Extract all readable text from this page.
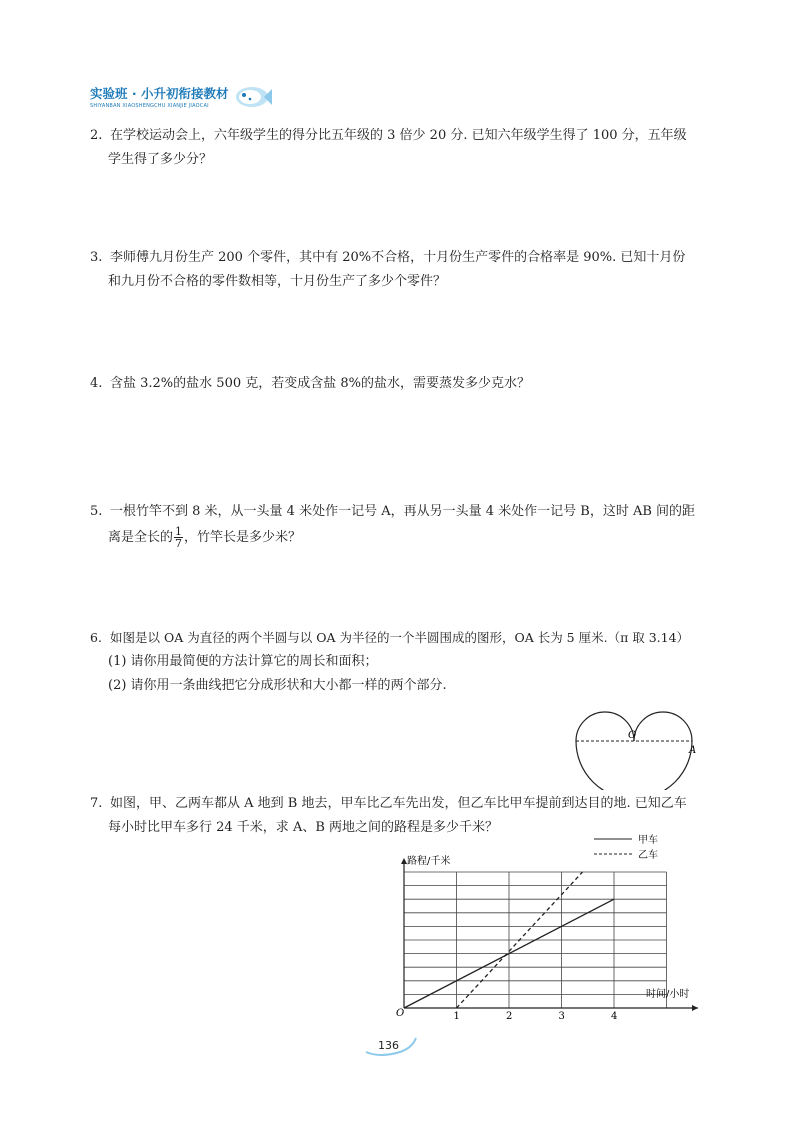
实验班 · 小升初衔接教材
SHIYANBAN XIAOSHENGCHU XIANJIE JIAOCAI
2. 在学校运动会上，六年级学生的得分比五年级的 3 倍少 20 分. 已知六年级学生得了 100 分，五年级
学生得了多少分？
3. 李师傅九月份生产 200 个零件，其中有 20%不合格，十月份生产零件的合格率是 90%. 已知十月份
和九月份不合格的零件数相等，十月份生产了多少个零件？
4. 含盐 3.2%的盐水 500 克，若变成含盐 8%的盐水，需要蒸发多少克水？
5. 一根竹竿不到 8 米，从一头量 4 米处作一记号 A，再从另一头量 4 米处作一记号 B，这时 AB 间的距
离是全长的 $\frac{1}{7}$ ，竹竿长是多少米？
6. 如图是以 OA 为直径的两个半圆与以 OA 为半径的一个半圆围成的图形，OA 长为 5 厘米.（π 取 3.14）
(1) 请你用最简便的方法计算它的周长和面积；
(2) 请你用一条曲线把它分成形状和大小都一样的两个部分.
O
A
7. 如图，甲、乙两车都从 A 地到 B 地去，甲车比乙车先出发，但乙车比甲车提前到达目的地. 已知乙车
每小时比甲车多行 24 千米，求 A、B 两地之间的路程是多少千米？
路程/千米
时间/小时
O	1	2	3	4
甲车
乙车
136
